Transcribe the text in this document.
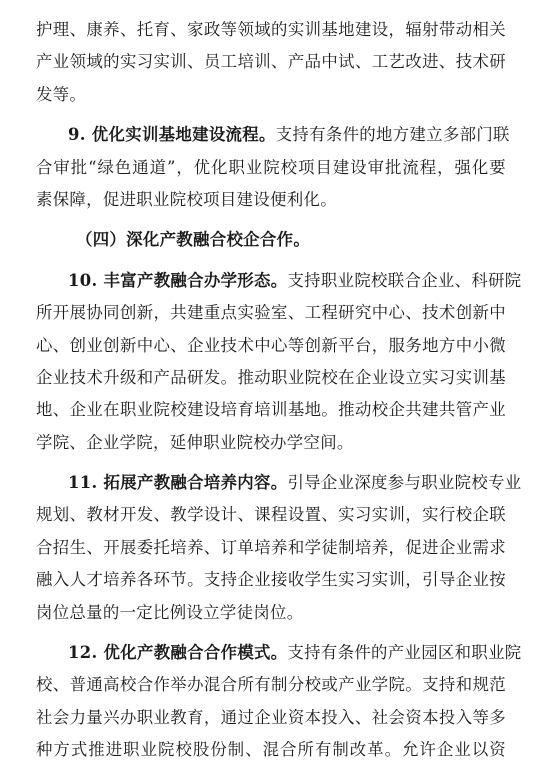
护理、康养、托育、家政等领域的实训基地建设，辐射带动相关
产业领域的实习实训、员工培训、产品中试、工艺改进、技术研
发等。
9. 优化实训基地建设流程。支持有条件的地方建立多部门联
合审批“绿色通道”，优化职业院校项目建设审批流程，强化要
素保障，促进职业院校项目建设便利化。
（四）深化产教融合校企合作。
10. 丰富产教融合办学形态。支持职业院校联合企业、科研院
所开展协同创新，共建重点实验室、工程研究中心、技术创新中
心、创业创新中心、企业技术中心等创新平台，服务地方中小微
企业技术升级和产品研发。推动职业院校在企业设立实习实训基
地、企业在职业院校建设培育培训基地。推动校企共建共管产业
学院、企业学院，延伸职业院校办学空间。
11. 拓展产教融合培养内容。引导企业深度参与职业院校专业
规划、教材开发、教学设计、课程设置、实习实训，实行校企联
合招生、开展委托培养、订单培养和学徒制培养，促进企业需求
融入人才培养各环节。支持企业接收学生实习实训，引导企业按
岗位总量的一定比例设立学徒岗位。
12. 优化产教融合合作模式。支持有条件的产业园区和职业院
校、普通高校合作举办混合所有制分校或产业学院。支持和规范
社会力量兴办职业教育，通过企业资本投入、社会资本投入等多
种方式推进职业院校股份制、混合所有制改革。允许企业以资
